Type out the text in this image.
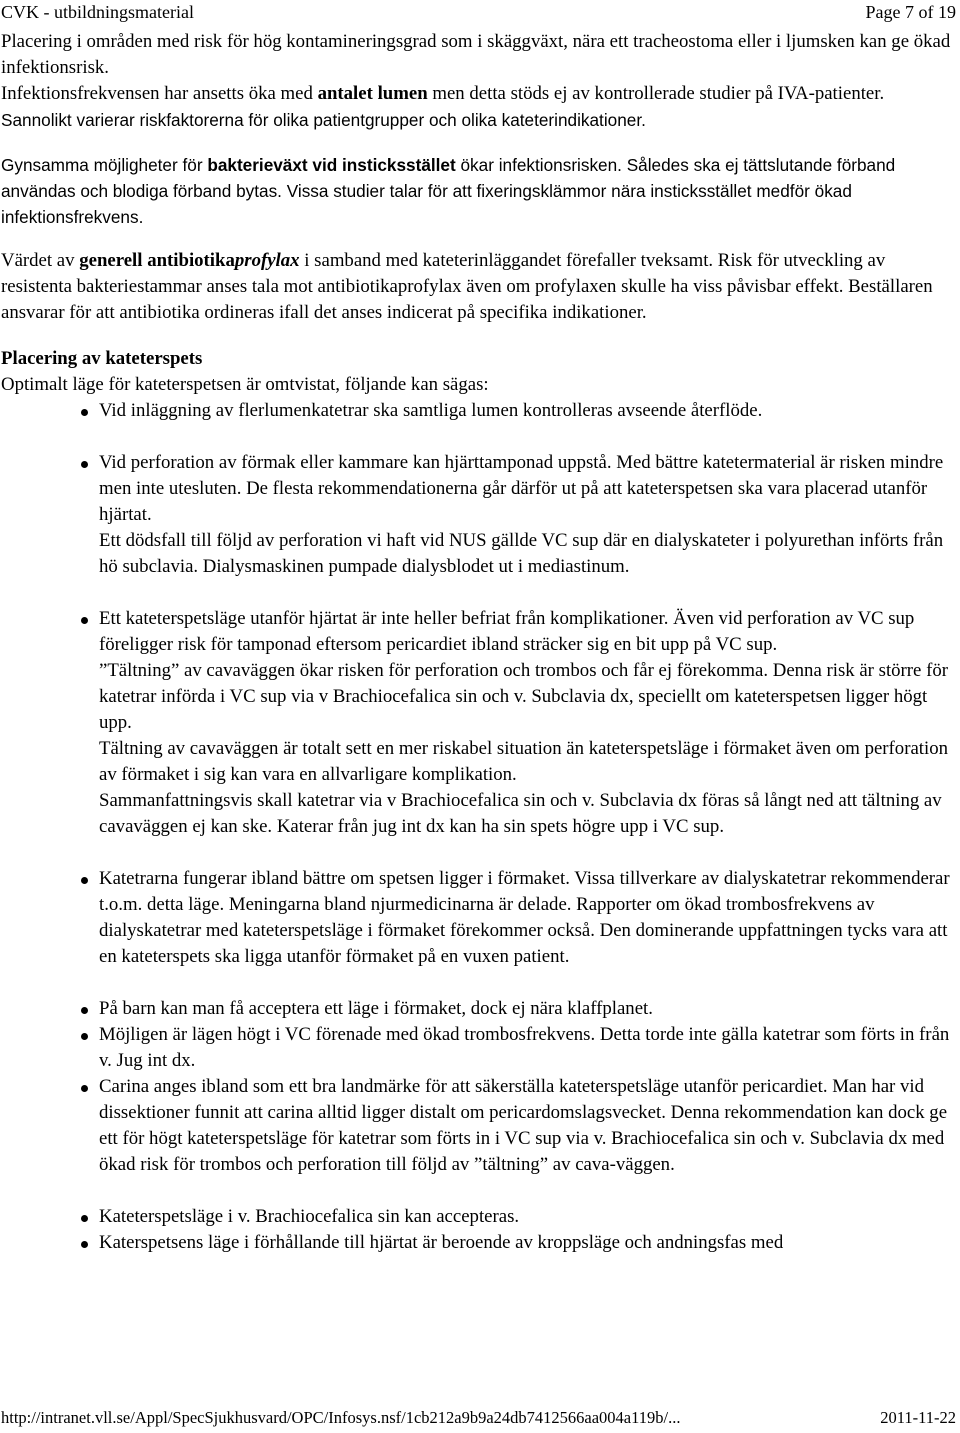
CVK - utbildningsmaterial	Page 7 of 19

Placering i områden med risk för hög kontamineringsgrad som i skäggväxt, nära ett tracheostoma eller i ljumsken kan ge ökad infektionsrisk.
Infektionsfrekvensen har ansetts öka med antalet lumen men detta stöds ej av kontrollerade studier på IVA-patienter.
Sannolikt varierar riskfaktorerna för olika patientgrupper och olika kateterindikationer.

Gynsamma möjligheter för bakterieväxt vid insticksstället ökar infektionsrisken. Således ska ej tättslutande förband användas och blodiga förband bytas. Vissa studier talar för att fixeringsklämmor nära insticksstället medför ökad infektionsfrekvens.

Värdet av generell antibiotikaprofylax i samband med kateterinläggandet förefaller tveksamt. Risk för utveckling av resistenta bakteriestammar anses tala mot antibiotikaprofylax även om profylaxen skulle ha viss påvisbar effekt. Beställaren ansvarar för att antibiotika ordineras ifall det anses indicerat på specifika indikationer.

Placering av kateterspets

Optimalt läge för kateterspetsen är omtvistat, följande kan sägas:

Vid inläggning av flerlumenkatetrar ska samtliga lumen kontrolleras avseende återflöde.
Vid perforation av förmak eller kammare kan hjärttamponad uppstå. Med bättre katetermaterial är risken mindre men inte utesluten. De flesta rekommendationerna går därför ut på att kateterspetsen ska vara placerad utanför hjärtat.
Ett dödsfall till följd av perforation vi haft vid NUS gällde VC sup där en dialyskateter i polyurethan införts från hö subclavia. Dialysmaskinen pumpade dialysblodet ut i mediastinum.
Ett kateterspetsläge utanför hjärtat är inte heller befriat från komplikationer. Även vid perforation av VC sup föreligger risk för tamponad eftersom pericardiet ibland sträcker sig en bit upp på VC sup.
”Tältning” av cavaväggen ökar risken för perforation och trombos och får ej förekomma. Denna risk är större för katetrar införda i VC sup via v Brachiocefalica sin och v. Subclavia dx, speciellt om kateterspetsen ligger högt upp.
Tältning av cavaväggen är totalt sett en mer riskabel situation än kateterspetsläge i förmaket även om perforation av förmaket i sig kan vara en allvarligare komplikation.
Sammanfattningsvis skall katetrar via v Brachiocefalica sin och v. Subclavia dx föras så långt ned att tältning av cavaväggen ej kan ske. Katerar från jug int dx kan ha sin spets högre upp i VC sup.
Katetrarna fungerar ibland bättre om spetsen ligger i förmaket. Vissa tillverkare av dialyskatetrar rekommenderar t.o.m. detta läge. Meningarna bland njurmedicinarna är delade. Rapporter om ökad trombosfrekvens av dialyskatetrar med kateterspetsläge i förmaket förekommer också. Den dominerande uppfattningen tycks vara att en kateterspets ska ligga utanför förmaket på en vuxen patient.
På barn kan man få acceptera ett läge i förmaket, dock ej nära klaffplanet.
Möjligen är lägen högt i VC förenade med ökad trombosfrekvens. Detta torde inte gälla katetrar som förts in från v. Jug int dx.
Carina anges ibland som ett bra landmärke för att säkerställa kateterspetsläge utanför pericardiet. Man har vid dissektioner funnit att carina alltid ligger distalt om pericardomslagsvecket. Denna rekommendation kan dock ge ett för högt kateterspetsläge för katetrar som förts in i VC sup via v. Brachiocefalica sin och v. Subclavia dx med ökad risk för trombos och perforation till följd av ”tältning” av cava-väggen.
Kateterspetsläge i v. Brachiocefalica sin kan accepteras.
Katerspetsens läge i förhållande till hjärtat är beroende av kroppsläge och andningsfas med
http://intranet.vll.se/Appl/SpecSjukhusvard/OPC/Infosys.nsf/1cb212a9b9a24db7412566aa004a119b/...	2011-11-22
